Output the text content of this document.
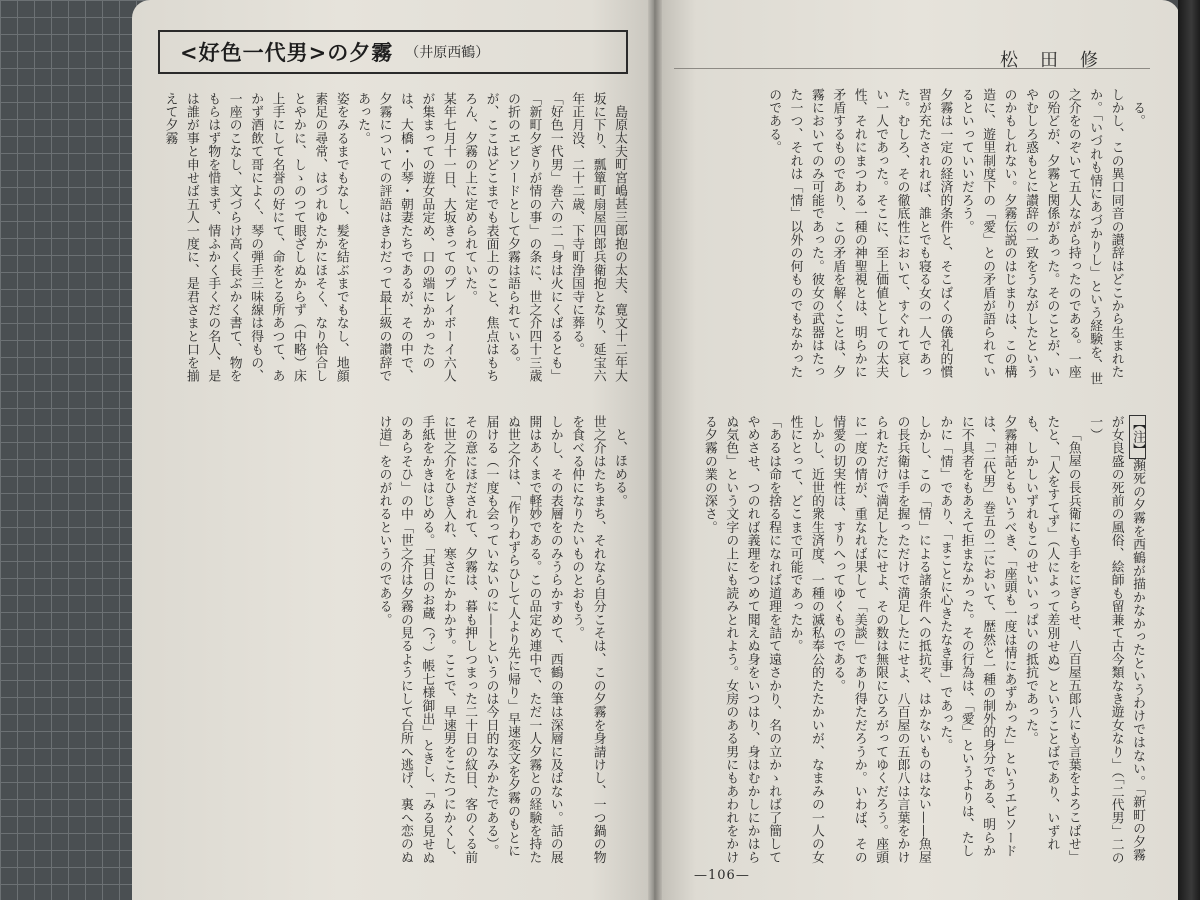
<好色一代男>の夕霧 （井原西鶴）

島原太夫町宮嶋甚三郎抱の太夫、寛文十二年大坂に下り、瓢簞町扇屋四郎兵衛抱となり、延宝六年正月没、二十二歳、下寺町浄国寺に葬る。
「好色一代男」巻六の二「身は火にくばるとも」「新町夕ぎりが情の事」の条に、世之介四十三歳の折のエピソードとして夕霧は語られている。が、ここはどこまでも表面上のこと、焦点はもちろん、夕霧の上に定められていた。
某年七月十一日、大坂きってのプレイボーイ六人が集まっての遊女品定め、口の端にかかったのは、大橋・小琴・朝妻たちであるが、その中で、夕霧についての評語はきわだって最上級の讃辞であった。
姿をみるまでもなし、髪を結ぶまでもなし、地顔素足の尋常、はづれゆたかにほそく、なり恰合しとやかに、しゝのつて眼ざしぬからず（中略）床上手にして名誉の好にて、命をとる所あつて、あかず酒飲て哥によく、琴の弾手三味線は得もの、一座のこなし、文づらけ高く長ぶかく書て、物をもらはず物を惜まず、情ふかく手くだの名人、是は誰が事と申せば五人一度に、是君さまと口を揃えて夕霧

と、ほめる。
世之介はたちまち、それなら自分こそは、この夕霧を身請けし、一つ鍋の物を食べる仲になりたいものとおもう。
しかし、その表層をのみうらかすめて、西鶴の筆は深層に及ばない。話の展開はあくまで軽妙である。この品定め連中で、ただ一人夕霧との経験を持たぬ世之介は、「作りわずらひして人より先に帰り」早速変文を夕霧のもとに届ける（一度も会っていないのに——というのは今日的なみかたである）。
その意にほだされて、夕霧は、暮も押しつまった二十日の紋日、客のくる前に世之介をひき入れ、寒さにかわかす。ここで、早速男をこたつにかくし、手紙をかきはじめる。「其日のお蔵（？）帳七様御出」ときし、「みる見せぬのあらそひ」の中「世之介は夕霧の見るようにして台所へ逃げ、裏へ恋のぬけ道」をのがれるというのである。

松田修

る。
しかし、この異口同音の讃辞はどこから生まれたか。「いづれも情にあづかりし」という経験を、世之介をのぞいて五人ながら持ったのである。一座の殆どが、夕霧と関係があった。そのことが、いやむしろ惑もとに讃辞の一致をうながしたというのかもしれない。夕霧伝説のはじまりは、この構造に、遊里制度下の「愛」との矛盾が語られているといっていいだろう。
夕霧は一定の経済的条件と、そこばくの儀礼的慣習が充たされれば、誰とでも寝る女の一人であった。むしろ、その徹底性において、すぐれて哀しい一人であった。そこに、至上価値としての太夫性、それにまつわる一種の神聖視とは、明らかに矛盾するものであり、この矛盾を解くことは、夕霧においてのみ可能であった。彼女の武器はたった一つ、それは「情」以外の何ものでもなかったのである。

【注】瀕死の夕霧を西鶴が描かなかったというわけではない。「新町の夕霧が女良盛の死前の風俗、絵師も留兼て古今類なき遊女なり」（「二代男」二の一）

「魚屋の長兵衛にも手をにぎらせ、八百屋五郎八にも言葉をよろこばせ」たと、「人をすてず」（人によって差別せぬ）ということばであり、いずれも、しかしいずれもこのせいいっぱいの抵抗であった。
夕霧神話ともいうべき、「座頭も一度は情にあずかった」というエピソードは、「二代男」巻五の二において、歴然と一種の制外的身分である、明らかに不具者をもあえて拒まなかった。その行為は、「愛」というよりは、たしかに「情」であり、「まことに心きたなき事」であった。
しかし、この「情」による諸条件への抵抗ぞ、はかないものはない——魚屋の長兵衛は手を握っただけで満足したにせよ、八百屋の五郎八は言葉をかけられただけで満足したにせよ、その数は無限にひろがってゆくだろう。座頭に一度の情が、重なれば果して「美談」であり得ただろうか。いわば、その情愛の切実性は、すりへってゆくものである。
しかし、近世的衆生済度、一種の滅私奉公的たたかいが、なまみの一人の女性にとって、どこまで可能であったか。
「あるは命を捨る程になれば道理を詰て遠さかり、名の立かゝれば了簡してやめさせ、つのれば義理をつめて聞えぬ身をいつはり、身はむかしにかはらぬ気色」という文字の上にも読みとれよう。女房のある男にもあわれをかける夕霧の業の深さ。

—106—
